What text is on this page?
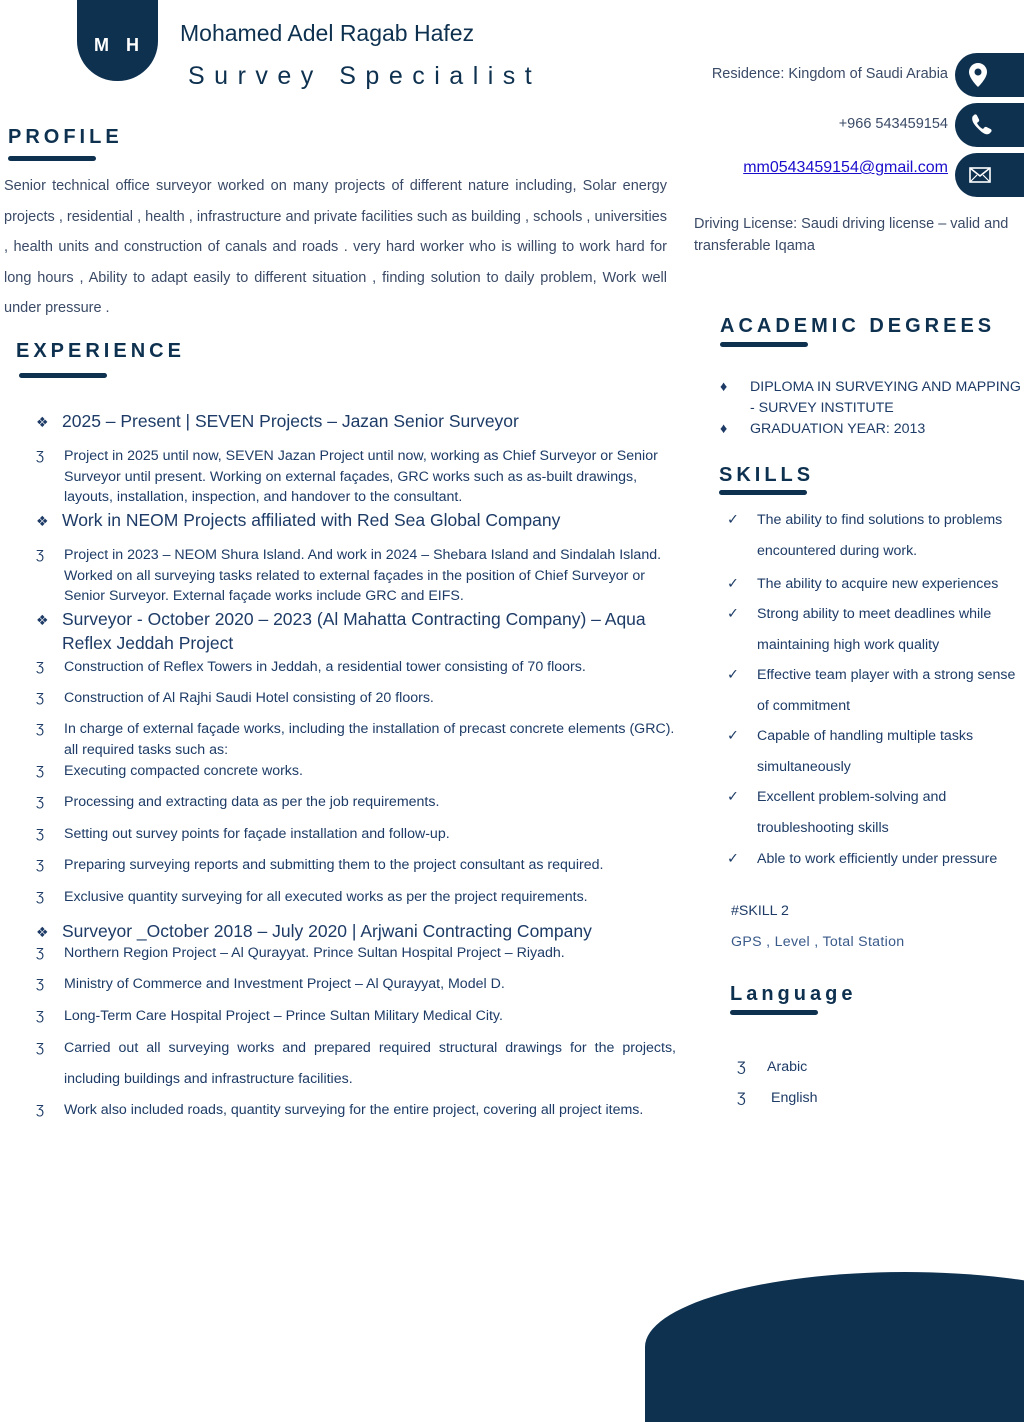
M H Mohamed Adel Ragab Hafez
Survey Specialist	Residence: Kingdom of Saudi Arabia
+966 543459154
mm0543459154@gmail.com
Driving License: Saudi driving license – valid and transferable Iqama
PROFILE

Senior technical office surveyor worked on many projects of different nature including, Solar energy projects , residential , health , infrastructure and private facilities such as building , schools , universities , health units and construction of canals and roads . very hard worker who is willing to work hard for long hours , Ability to adapt easily to different situation , finding solution to daily problem, Work well under pressure .

EXPERIENCE
❖ 2025 – Present | SEVEN Projects – Jazan Senior Surveyor
Ʒ	Project in 2025 until now, SEVEN Jazan Project until now, working as Chief Surveyor or Senior Surveyor until present. Working on external façades, GRC works such as as-built drawings, layouts, installation, inspection, and handover to the consultant.
❖ Work in NEOM Projects affiliated with Red Sea Global Company
Ʒ	Project in 2023 – NEOM Shura Island. And work in 2024 – Shebara Island and Sindalah Island. Worked on all surveying tasks related to external façades in the position of Chief Surveyor or Senior Surveyor. External façade works include GRC and EIFS.
❖ Surveyor - October 2020 – 2023 (Al Mahatta Contracting Company) – Aqua Reflex Jeddah Project
Ʒ	Construction of Reflex Towers in Jeddah, a residential tower consisting of 70 floors.
Ʒ	Construction of Al Rajhi Saudi Hotel consisting of 20 floors.
Ʒ	In charge of external façade works, including the installation of precast concrete elements (GRC). all required tasks such as:
Ʒ	Executing compacted concrete works.
Ʒ	Processing and extracting data as per the job requirements.
Ʒ	Setting out survey points for façade installation and follow-up.
Ʒ	Preparing surveying reports and submitting them to the project consultant as required.
Ʒ	Exclusive quantity surveying for all executed works as per the project requirements.
❖ Surveyor _October 2018 – July 2020 | Arjwani Contracting Company
Ʒ	Northern Region Project – Al Qurayyat. Prince Sultan Hospital Project – Riyadh.
Ʒ	Ministry of Commerce and Investment Project – Al Qurayyat, Model D.
Ʒ	Long-Term Care Hospital Project – Prince Sultan Military Medical City.
Ʒ	Carried out all surveying works and prepared required structural drawings for the projects, including buildings and infrastructure facilities.
Ʒ	Work also included roads, quantity surveying for the entire project, covering all project items.
ACADEMIC DEGREES
♦	DIPLOMA IN SURVEYING AND MAPPING - SURVEY INSTITUTE
♦	GRADUATION YEAR: 2013
SKILLS
✓	The ability to find solutions to problems encountered during work.
✓	The ability to acquire new experiences
✓	Strong ability to meet deadlines while maintaining high work quality
✓	Effective team player with a strong sense of commitment
✓	Capable of handling multiple tasks simultaneously
✓	Excellent problem-solving and troubleshooting skills
✓	Able to work efficiently under pressure
#SKILL 2
GPS , Level , Total Station
Language
Ʒ	Arabic
Ʒ	English
